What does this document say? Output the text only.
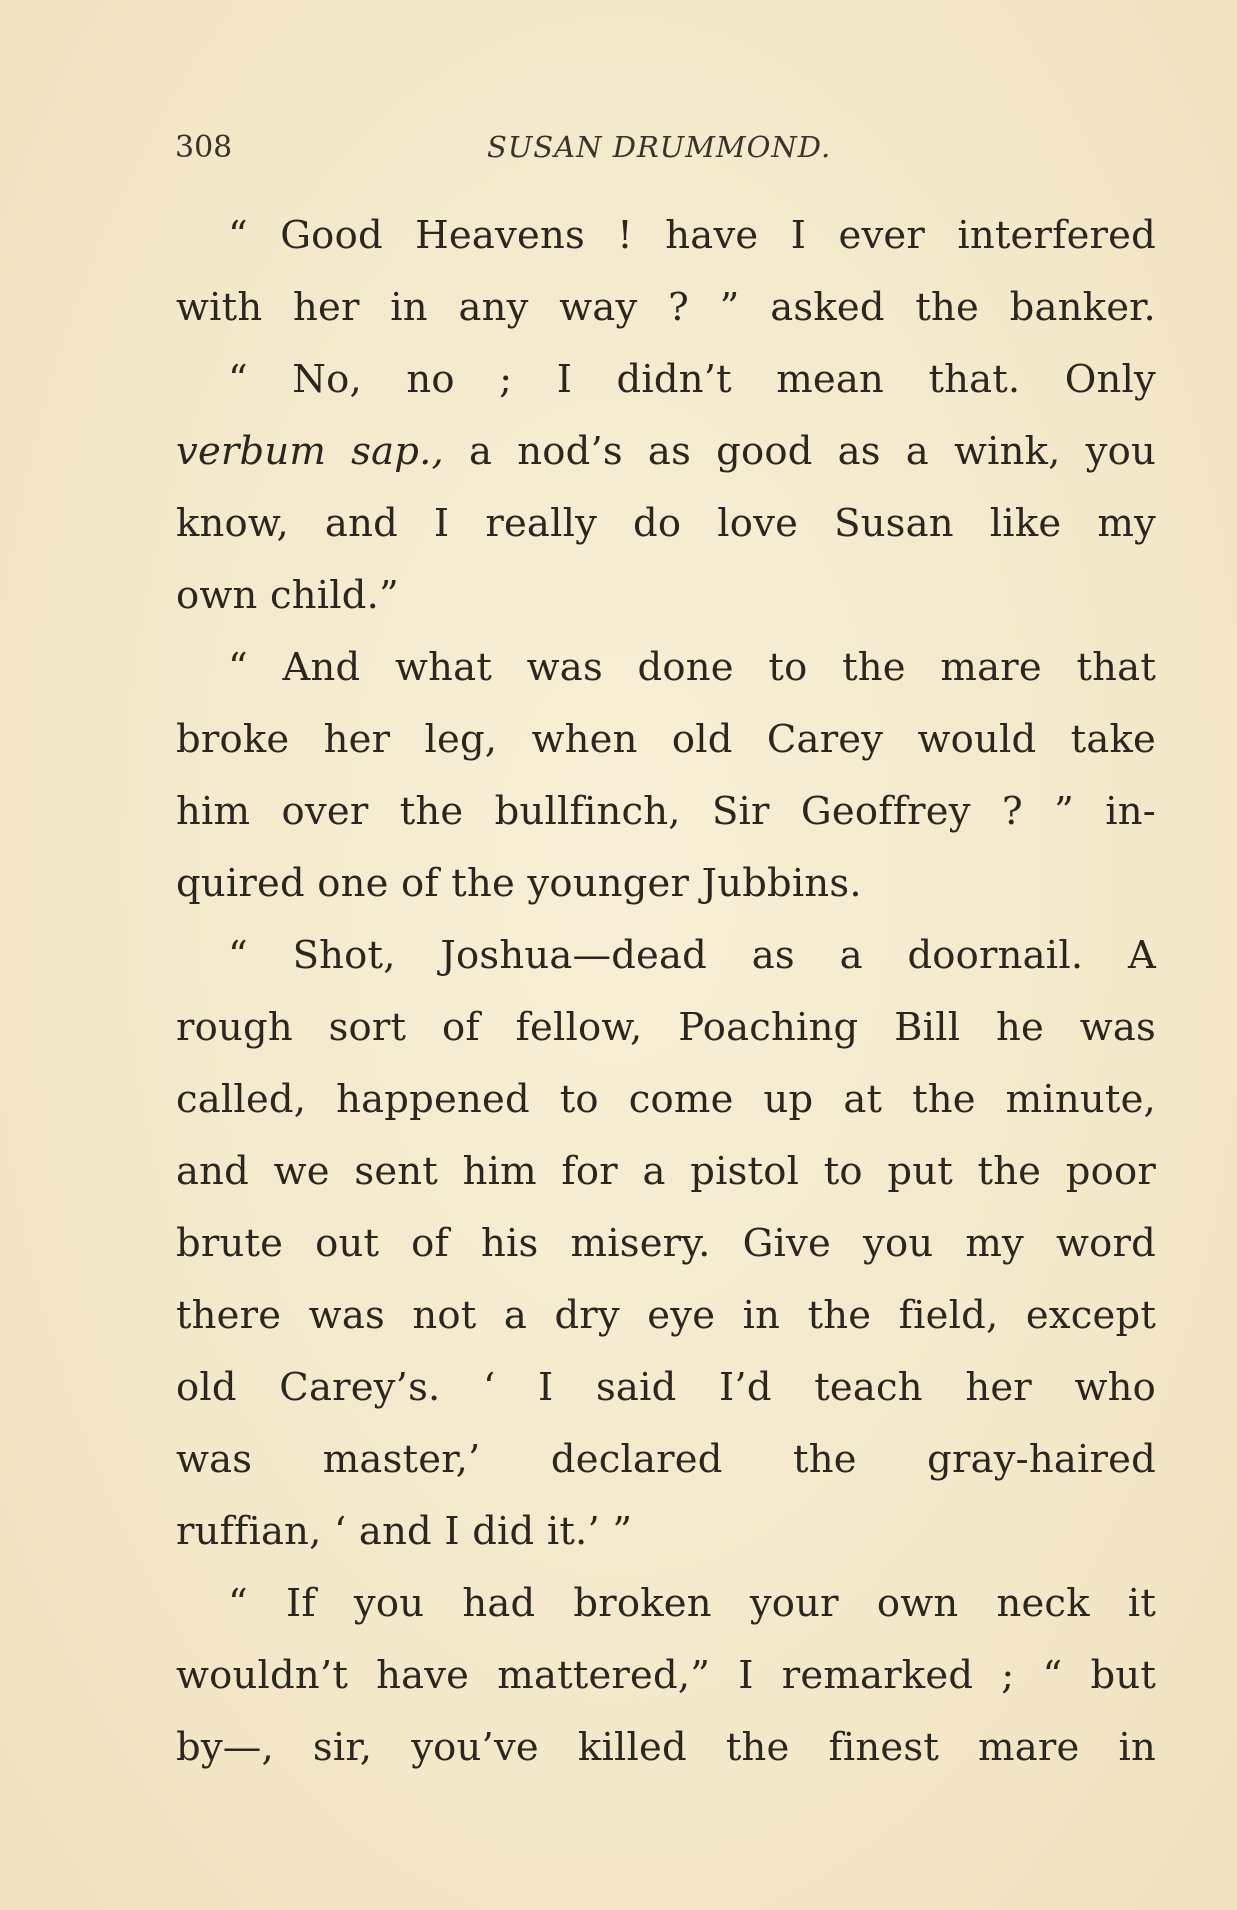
308	SUSAN DRUMMOND.
“ Good Heavens ! have I ever interfered
with her in any way ? ” asked the banker.
“ No, no ; I didn’t mean that. Only
verbum sap., a nod’s as good as a wink, you
know, and I really do love Susan like my
own child.”
“ And what was done to the mare that
broke her leg, when old Carey would take
him over the bullfinch, Sir Geoffrey ? ” in-
quired one of the younger Jubbins.
“ Shot, Joshua—dead as a doornail. A
rough sort of fellow, Poaching Bill he was
called, happened to come up at the minute,
and we sent him for a pistol to put the poor
brute out of his misery. Give you my word
there was not a dry eye in the field, except
old Carey’s. ‘ I said I’d teach her who
was master,’ declared the gray-haired
ruffian, ‘ and I did it.’ ”
“ If you had broken your own neck it
wouldn’t have mattered,” I remarked ; “ but
by—, sir, you’ve killed the finest mare in
